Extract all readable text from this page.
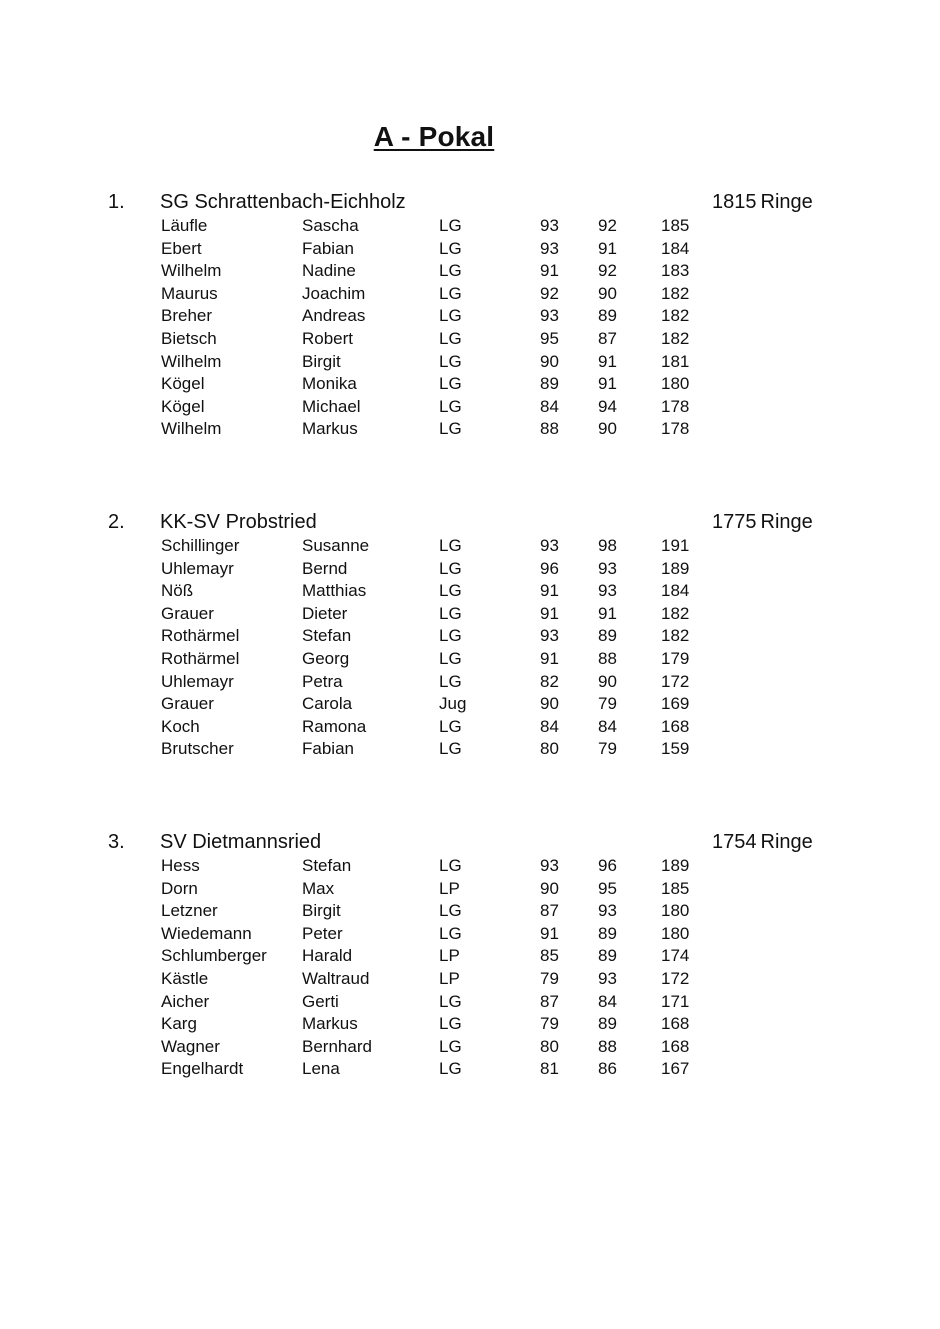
A - Pokal
1. SG Schrattenbach-Eichholz	1815 Ringe
Läufle	Sascha	LG	93 92	185
Ebert	Fabian	LG	93 91	184
Wilhelm	Nadine	LG	91 92	183
Maurus	Joachim	LG	92 90	182
Breher	Andreas	LG	93 89	182
Bietsch	Robert	LG	95 87	182
Wilhelm	Birgit	LG	90 91	181
Kögel	Monika	LG	89 91	180
Kögel	Michael	LG	84 94	178
Wilhelm	Markus	LG	88 90	178
2. KK-SV Probstried	1775 Ringe
Schillinger	Susanne	LG	93 98	191
Uhlemayr	Bernd	LG	96 93	189
Nöß	Matthias	LG	91 93	184
Grauer	Dieter	LG	91 91	182
Rothärmel	Stefan	LG	93 89	182
Rothärmel	Georg	LG	91 88	179
Uhlemayr	Petra	LG	82 90	172
Grauer	Carola	Jug	90 79	169
Koch	Ramona	LG	84 84	168
Brutscher	Fabian	LG	80 79	159
3. SV Dietmannsried	1754 Ringe
Hess	Stefan	LG	93 96	189
Dorn	Max	LP	90 95	185
Letzner	Birgit	LG	87 93	180
Wiedemann	Peter	LG	91 89	180
Schlumberger Harald	LP	85 89	174
Kästle	Waltraud	LP	79 93	172
Aicher	Gerti	LG	87 84	171
Karg	Markus	LG	79 89	168
Wagner	Bernhard	LG	80 88	168
Engelhardt	Lena	LG	81 86	167
